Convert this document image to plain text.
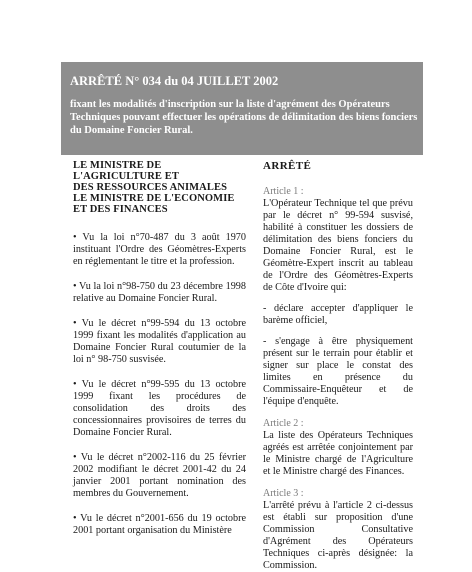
ARRÊTÉ N° 034 du 04 JUILLET 2002
fixant les modalités d'inscription sur la liste d'agrément des Opérateurs Techniques pouvant effectuer les opérations de délimitation des biens fonciers du Domaine Foncier Rural.
LE MINISTRE DE
L'AGRICULTURE ET
DES RESSOURCES ANIMALES
LE MINISTRE DE L'ECONOMIE
ET DES FINANCES
• Vu la loi n°70-487 du 3 août 1970 instituant l'Ordre des Géomètres-Experts en réglementant le titre et la profession.
• Vu la loi n°98-750 du 23 décembre 1998 relative au Domaine Foncier Rural.
• Vu le décret n°99-594 du 13 octobre 1999 fixant les modalités d'application au Domaine Foncier Rural coutumier de la loi n° 98-750 susvisée.
• Vu le décret n°99-595 du 13 octobre 1999 fixant les procédures de consolidation des droits des concessionnaires provisoires de terres du Domaine Foncier Rural.
• Vu le décret n°2002-116 du 25 février 2002 modifiant le décret 2001-42 du 24 janvier 2001 portant nomination des membres du Gouvernement.
• Vu le décret n°2001-656 du 19 octobre 2001 portant organisation du Ministère
ARRÊTÉ
Article 1 :
L'Opérateur Technique tel que prévu par le décret n° 99-594 susvisé, habilité à constituer les dossiers de délimitation des biens fonciers du Domaine Foncier Rural, est le Géomètre-Expert inscrit au tableau de l'Ordre des Géomètres-Experts de Côte d'Ivoire qui:
- déclare accepter d'appliquer le barème officiel,
- s'engage à être physiquement présent sur le terrain pour établir et signer sur place le constat des limites en présence du Commissaire-Enquêteur et de l'équipe d'enquête.
Article 2 :
La liste des Opérateurs Techniques agréés est arrêtée conjointement par le Ministre chargé de l'Agriculture et le Ministre chargé des Finances.
Article 3 :
L'arrêté prévu à l'article 2 ci-dessus est établi sur proposition d'une Commission Consultative d'Agrément des Opérateurs Techniques ci-après désignée: la Commission.
